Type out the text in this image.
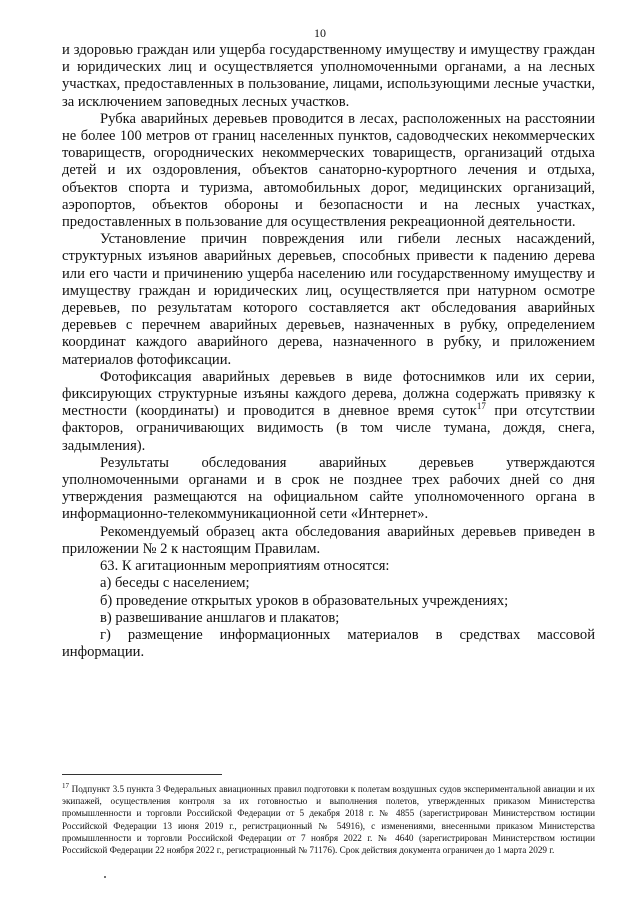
10

и здоровью граждан или ущерба государственному имуществу и имуществу граждан и юридических лиц и осуществляется уполномоченными органами, а на лесных участках, предоставленных в пользование, лицами, использующими лесные участки, за исключением заповедных лесных участков.

Рубка аварийных деревьев проводится в лесах, расположенных на расстоянии не более 100 метров от границ населенных пунктов, садоводческих некоммерческих товариществ, огороднических некоммерческих товариществ, организаций отдыха детей и их оздоровления, объектов санаторно-курортного лечения и отдыха, объектов спорта и туризма, автомобильных дорог, медицинских организаций, аэропортов, объектов обороны и безопасности и на лесных участках, предоставленных в пользование для осуществления рекреационной деятельности.

Установление причин повреждения или гибели лесных насаждений, структурных изъянов аварийных деревьев, способных привести к падению дерева или его части и причинению ущерба населению или государственному имуществу и имуществу граждан и юридических лиц, осуществляется при натурном осмотре деревьев, по результатам которого составляется акт обследования аварийных деревьев с перечнем аварийных деревьев, назначенных в рубку, определением координат каждого аварийного дерева, назначенного в рубку, и приложением материалов фотофиксации.

Фотофиксация аварийных деревьев в виде фотоснимков или их серии, фиксирующих структурные изъяны каждого дерева, должна содержать привязку к местности (координаты) и проводится в дневное время суток$^{17}$ при отсутствии факторов, ограничивающих видимость (в том числе тумана, дождя, снега, задымления).

Результаты обследования аварийных деревьев утверждаются уполномоченными органами и в срок не позднее трех рабочих дней со дня утверждения размещаются на официальном сайте уполномоченного органа в информационно-телекоммуникационной сети «Интернет».

Рекомендуемый образец акта обследования аварийных деревьев приведен в приложении № 2 к настоящим Правилам.

63. К агитационным мероприятиям относятся:

а) беседы с населением;

б) проведение открытых уроков в образовательных учреждениях;

в) развешивание аншлагов и плакатов;

г) размещение информационных материалов в средствах массовой информации.

$^{17}$ Подпункт 3.5 пункта 3 Федеральных авиационных правил подготовки к полетам воздушных судов экспериментальной авиации и их экипажей, осуществления контроля за их готовностью и выполнения полетов, утвержденных приказом Министерства промышленности и торговли Российской Федерации от 5 декабря 2018 г. № 4855 (зарегистрирован Министерством юстиции Российской Федерации 13 июня 2019 г., регистрационный № 54916), с изменениями, внесенными приказом Министерства промышленности и торговли Российской Федерации от 7 ноября 2022 г. № 4640 (зарегистрирован Министерством юстиции Российской Федерации 22 ноября 2022 г., регистрационный № 71176). Срок действия документа ограничен до 1 марта 2029 г.
